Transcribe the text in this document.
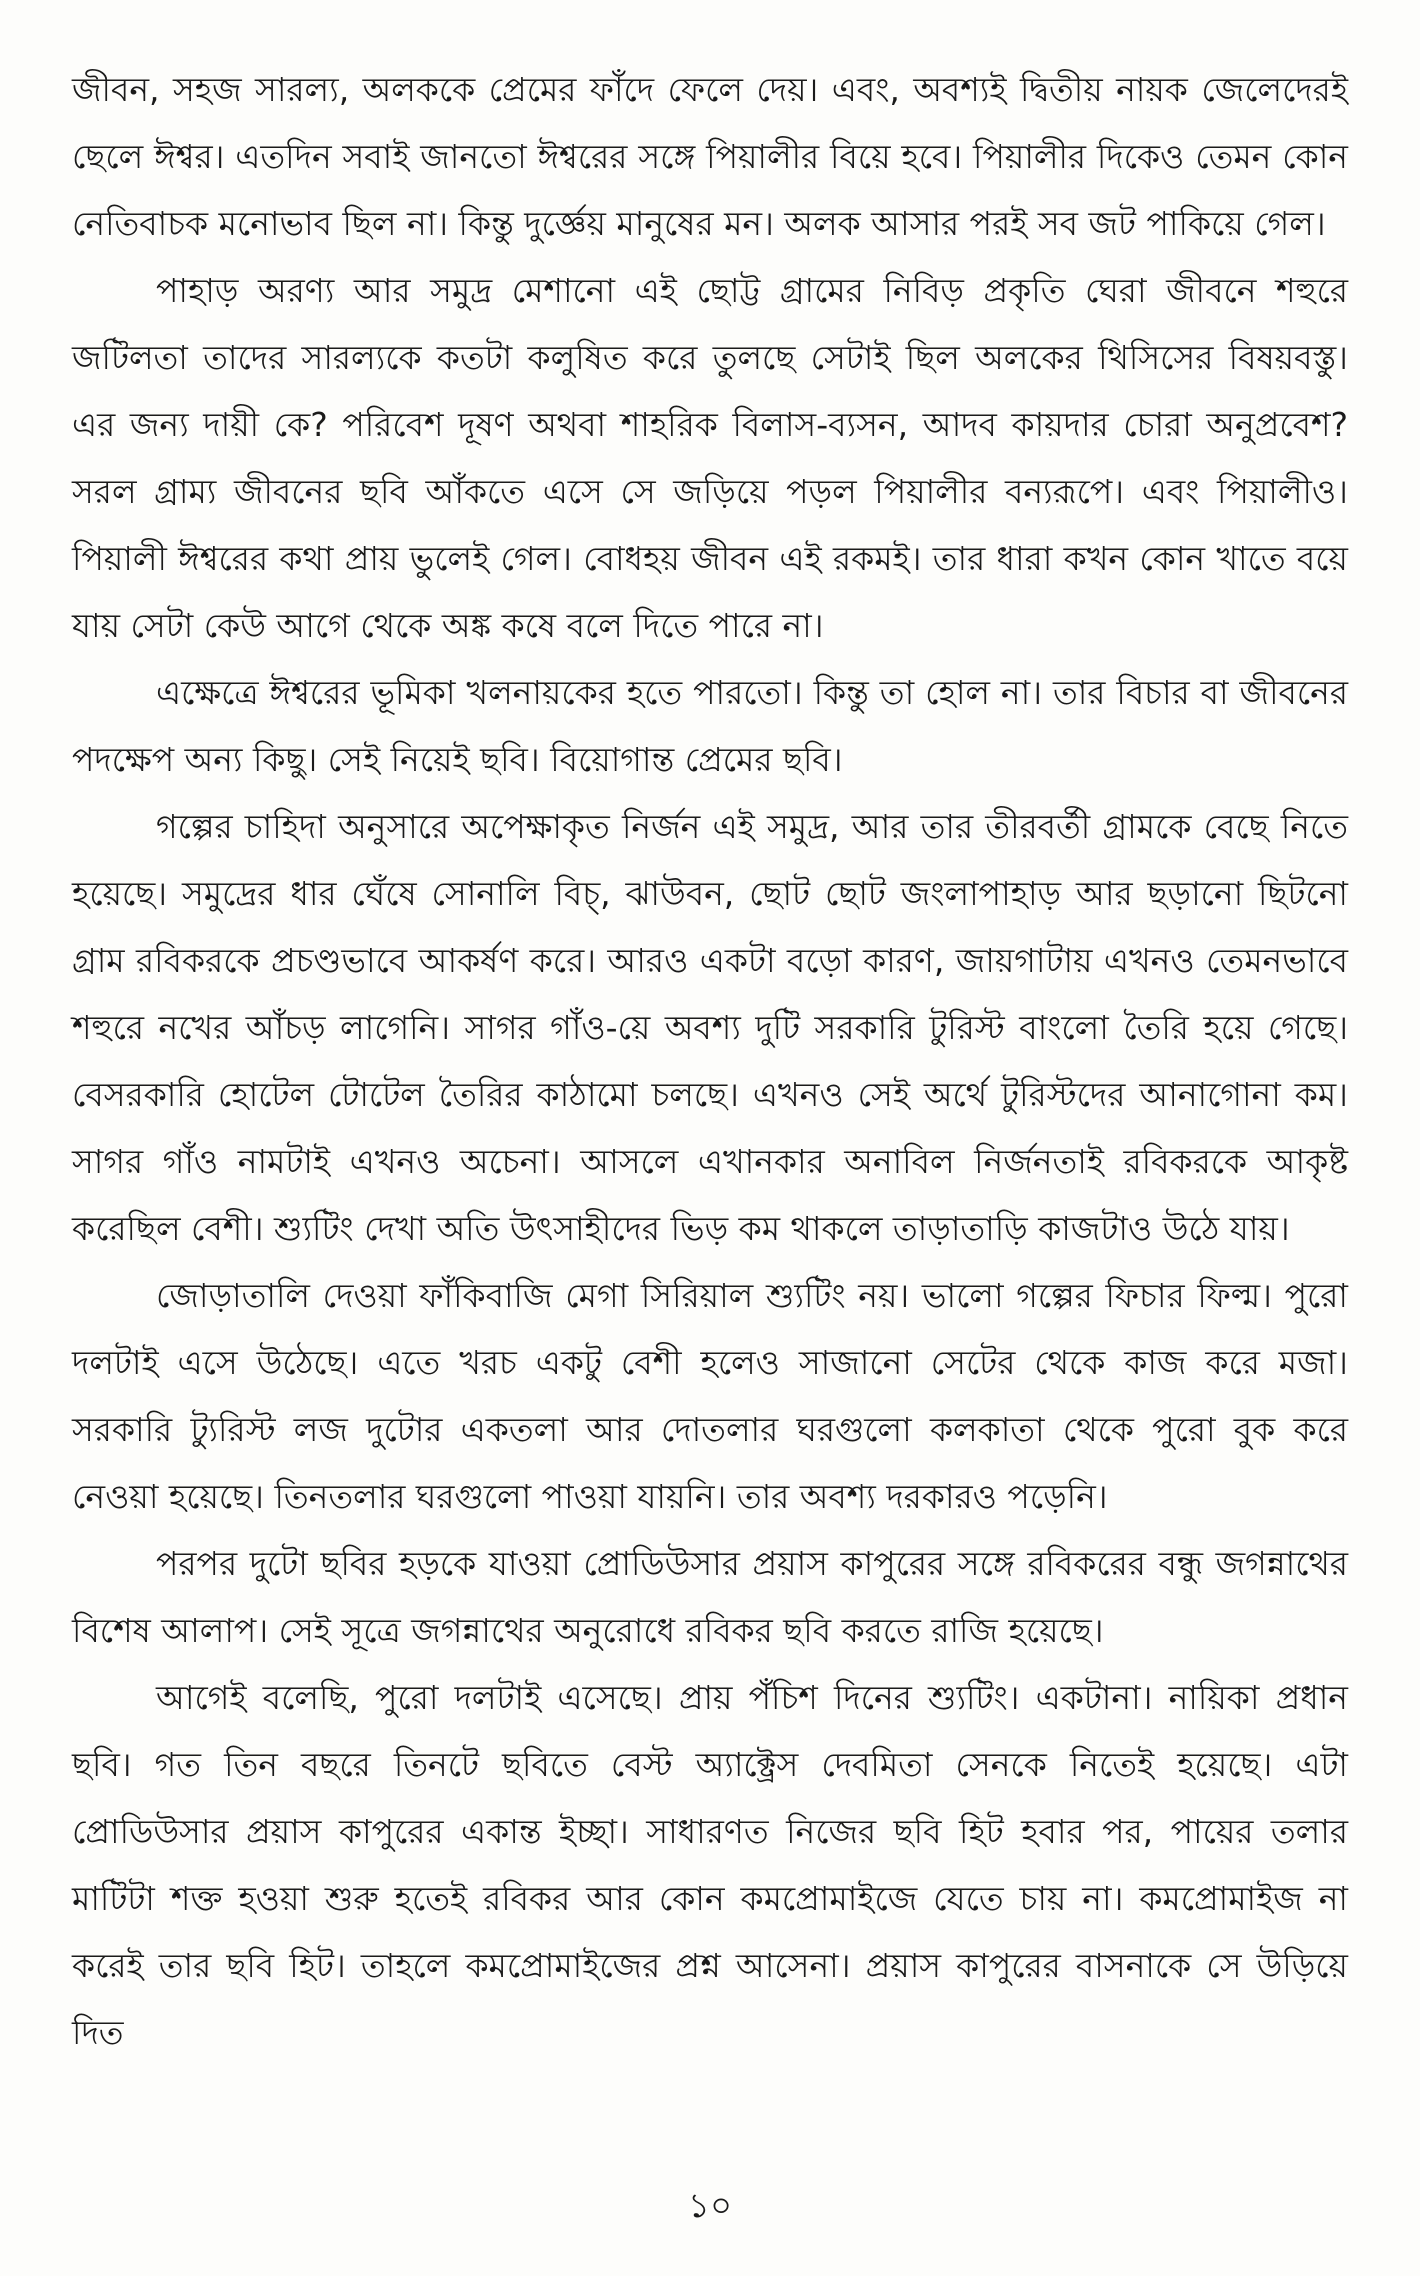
জীবন, সহজ সারল্য, অলককে প্রেমের ফাঁদে ফেলে দেয়। এবং, অবশ্যই দ্বিতীয় নায়ক জেলেদেরই ছেলে ঈশ্বর। এতদিন সবাই জানতো ঈশ্বরের সঙ্গে পিয়ালীর বিয়ে হবে। পিয়ালীর দিকেও তেমন কোন নেতিবাচক মনোভাব ছিল না। কিন্তু দুর্জ্ঞেয় মানুষের মন। অলক আসার পরই সব জট পাকিয়ে গেল।

পাহাড় অরণ্য আর সমুদ্র মেশানো এই ছোট্ট গ্রামের নিবিড় প্রকৃতি ঘেরা জীবনে শহুরে জটিলতা তাদের সারল্যকে কতটা কলুষিত করে তুলছে সেটাই ছিল অলকের থিসিসের বিষয়বস্তু। এর জন্য দায়ী কে? পরিবেশ দূষণ অথবা শাহরিক বিলাস-ব্যসন, আদব কায়দার চোরা অনুপ্রবেশ? সরল গ্রাম্য জীবনের ছবি আঁকতে এসে সে জড়িয়ে পড়ল পিয়ালীর বন্যরূপে। এবং পিয়ালীও। পিয়ালী ঈশ্বরের কথা প্রায় ভুলেই গেল। বোধহয় জীবন এই রকমই। তার ধারা কখন কোন খাতে বয়ে যায় সেটা কেউ আগে থেকে অঙ্ক কষে বলে দিতে পারে না।

এক্ষেত্রে ঈশ্বরের ভূমিকা খলনায়কের হতে পারতো। কিন্তু তা হোল না। তার বিচার বা জীবনের পদক্ষেপ অন্য কিছু। সেই নিয়েই ছবি। বিয়োগান্ত প্রেমের ছবি।

গল্পের চাহিদা অনুসারে অপেক্ষাকৃত নির্জন এই সমুদ্র, আর তার তীরবর্তী গ্রামকে বেছে নিতে হয়েছে। সমুদ্রের ধার ঘেঁষে সোনালি বিচ্, ঝাউবন, ছোট ছোট জংলাপাহাড় আর ছড়ানো ছিটনো গ্রাম রবিকরকে প্রচণ্ডভাবে আকর্ষণ করে। আরও একটা বড়ো কারণ, জায়গাটায় এখনও তেমনভাবে শহুরে নখের আঁচড় লাগেনি। সাগর গাঁও-য়ে অবশ্য দুটি সরকারি টুরিস্ট বাংলো তৈরি হয়ে গেছে। বেসরকারি হোটেল টোটেল তৈরির কাঠামো চলছে। এখনও সেই অর্থে টুরিস্টদের আনাগোনা কম। সাগর গাঁও নামটাই এখনও অচেনা। আসলে এখানকার অনাবিল নির্জনতাই রবিকরকে আকৃষ্ট করেছিল বেশী। শ্যুটিং দেখা অতি উৎসাহীদের ভিড় কম থাকলে তাড়াতাড়ি কাজটাও উঠে যায়।

জোড়াতালি দেওয়া ফাঁকিবাজি মেগা সিরিয়াল শ্যুটিং নয়। ভালো গল্পের ফিচার ফিল্ম। পুরো দলটাই এসে উঠেছে। এতে খরচ একটু বেশী হলেও সাজানো সেটের থেকে কাজ করে মজা। সরকারি ট্যুরিস্ট লজ দুটোর একতলা আর দোতলার ঘরগুলো কলকাতা থেকে পুরো বুক করে নেওয়া হয়েছে। তিনতলার ঘরগুলো পাওয়া যায়নি। তার অবশ্য দরকারও পড়েনি।

পরপর দুটো ছবির হড়কে যাওয়া প্রোডিউসার প্রয়াস কাপুরের সঙ্গে রবিকরের বন্ধু জগন্নাথের বিশেষ আলাপ। সেই সূত্রে জগন্নাথের অনুরোধে রবিকর ছবি করতে রাজি হয়েছে।

আগেই বলেছি, পুরো দলটাই এসেছে। প্রায় পঁচিশ দিনের শ্যুটিং। একটানা। নায়িকা প্রধান ছবি। গত তিন বছরে তিনটে ছবিতে বেস্ট অ্যাক্ট্রেস দেবমিতা সেনকে নিতেই হয়েছে। এটা প্রোডিউসার প্রয়াস কাপুরের একান্ত ইচ্ছা। সাধারণত নিজের ছবি হিট হবার পর, পায়ের তলার মাটিটা শক্ত হওয়া শুরু হতেই রবিকর আর কোন কমপ্রোমাইজে যেতে চায় না। কমপ্রোমাইজ না করেই তার ছবি হিট। তাহলে কমপ্রোমাইজের প্রশ্ন আসেনা। প্রয়াস কাপুরের বাসনাকে সে উড়িয়ে দিত

১০
